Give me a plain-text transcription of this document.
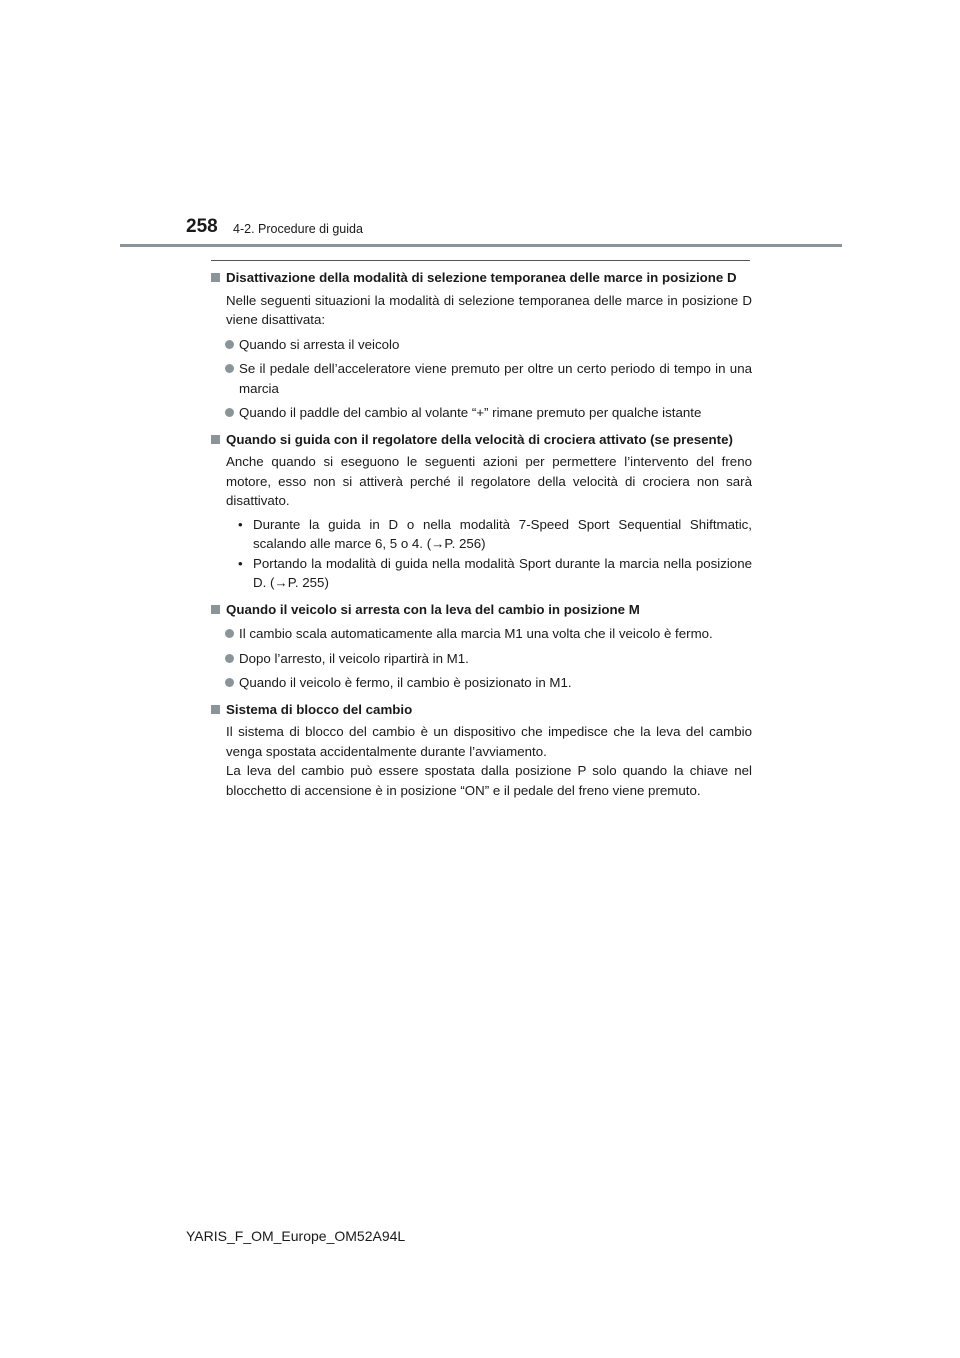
258 4-2. Procedure di guida
Disattivazione della modalità di selezione temporanea delle marce in posizione D
Nelle seguenti situazioni la modalità di selezione temporanea delle marce in posizione D viene disattivata:
Quando si arresta il veicolo
Se il pedale dell’acceleratore viene premuto per oltre un certo periodo di tempo in una marcia
Quando il paddle del cambio al volante “+” rimane premuto per qualche istante
Quando si guida con il regolatore della velocità di crociera attivato (se presente)
Anche quando si eseguono le seguenti azioni per permettere l’intervento del freno motore, esso non si attiverà perché il regolatore della velocità di crociera non sarà disattivato.
• Durante la guida in D o nella modalità 7-Speed Sport Sequential Shiftmatic, scalando alle marce 6, 5 o 4. (→P. 256)
• Portando la modalità di guida nella modalità Sport durante la marcia nella posizione D. (→P. 255)
Quando il veicolo si arresta con la leva del cambio in posizione M
Il cambio scala automaticamente alla marcia M1 una volta che il veicolo è fermo.
Dopo l’arresto, il veicolo ripartirà in M1.
Quando il veicolo è fermo, il cambio è posizionato in M1.
Sistema di blocco del cambio
Il sistema di blocco del cambio è un dispositivo che impedisce che la leva del cambio venga spostata accidentalmente durante l’avviamento.
La leva del cambio può essere spostata dalla posizione P solo quando la chiave nel blocchetto di accensione è in posizione “ON” e il pedale del freno viene premuto.
YARIS_F_OM_Europe_OM52A94L
